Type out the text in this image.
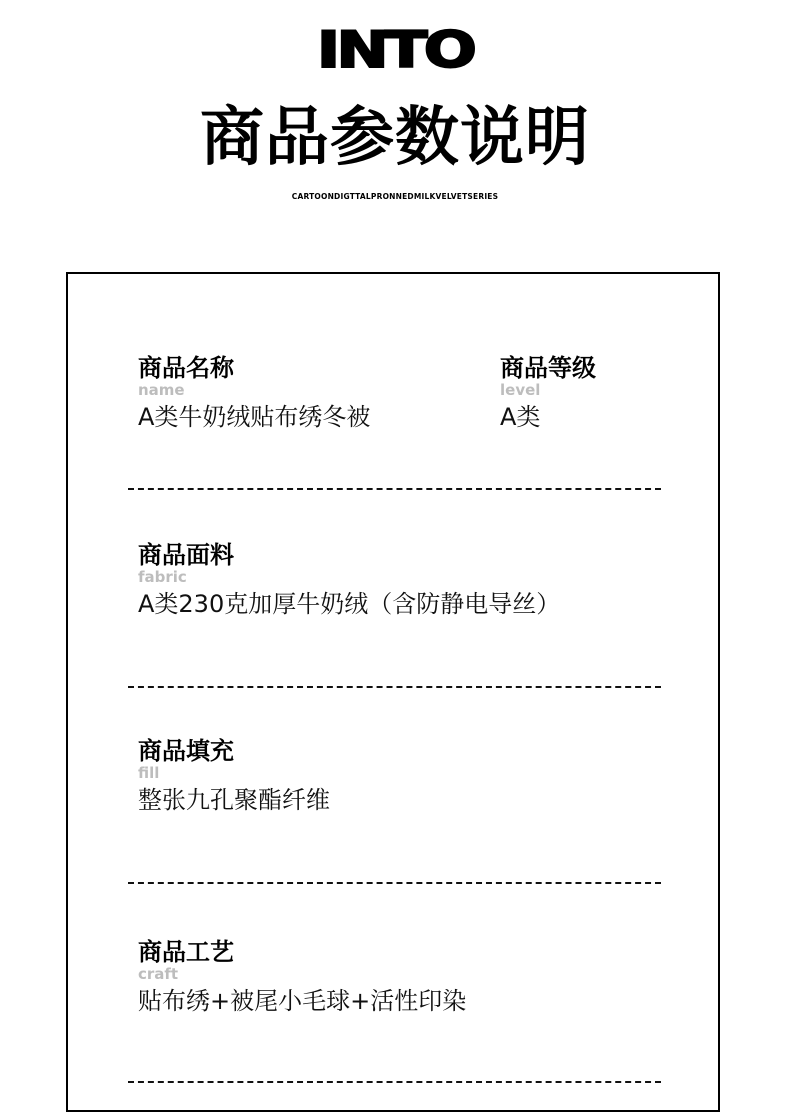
INTO
商品参数说明
CARTOONDIGTTALPRONNEDMILKVELVETSERIES
商品名称
name
A类牛奶绒贴布绣冬被
商品等级
level
A类
商品面料
fabric
A类230克加厚牛奶绒（含防静电导丝）
商品填充
fill
整张九孔聚酯纤维
商品工艺
craft
贴布绣+被尾小毛球+活性印染
